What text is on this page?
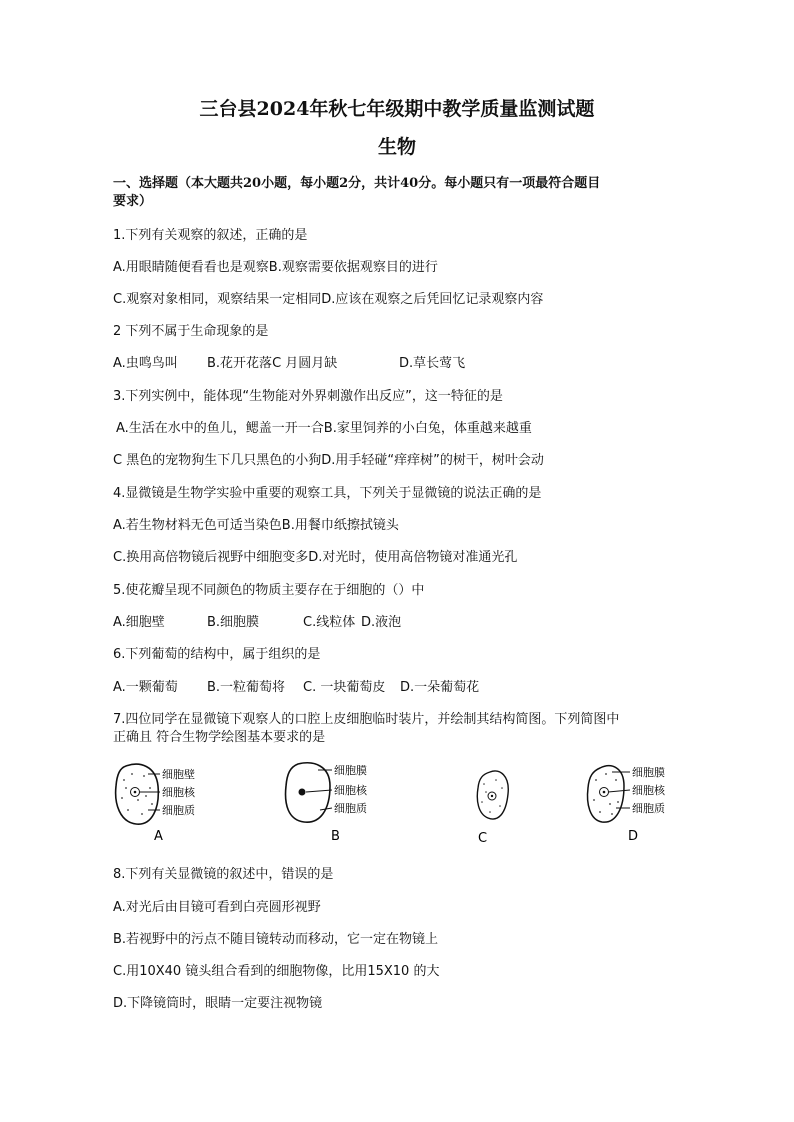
三台县2024年秋七年级期中教学质量监测试题
生物
一、选择题（本大题共20小题，每小题2分，共计40分。每小题只有一项最符合题目
要求）
1.下列有关观察的叙述，正确的是
A.用眼睛随便看看也是观察B.观察需要依据观察目的进行
C.观察对象相同，观察结果一定相同D.应该在观察之后凭回忆记录观察内容
2 下列不属于生命现象的是
A.虫鸣鸟叫 B.花开花落C 月圆月缺	D.草长莺飞
3.下列实例中，能体现“生物能对外界刺激作出反应”，这一特征的是
A.生活在水中的鱼儿，鳃盖一开一合B.家里饲养的小白兔，体重越来越重
C 黑色的宠物狗生下几只黑色的小狗D.用手轻碰“痒痒树”的树干，树叶会动
4.显微镜是生物学实验中重要的观察工具，下列关于显微镜的说法正确的是
A.若生物材料无色可适当染色B.用餐巾纸擦拭镜头
C.换用高倍物镜后视野中细胞变多D.对光时，使用高倍物镜对准通光孔
5.使花瓣呈现不同颜色的物质主要存在于细胞的（）中
A.细胞壁	B.细胞膜	C.线粒体 D.液泡
6.下列葡萄的结构中，属于组织的是
A.一颗葡萄 B.一粒葡萄将 C. 一块葡萄皮 D.一朵葡萄花
7.四位同学在显微镜下观察人的口腔上皮细胞临时装片，并绘制其结构简图。下列简图中
正确且 符合生物学绘图基本要求的是
细胞壁
细胞核
细胞质
A
细胞膜
细胞核
细胞质
B	C
细胞膜
细胞核
细胞质
D
8.下列有关显微镜的叙述中，错误的是
A.对光后由目镜可看到白亮圆形视野
B.若视野中的污点不随目镜转动而移动，它一定在物镜上
C.用10X40 镜头组合看到的细胞物像，比用15X10 的大
D.下降镜筒时，眼睛一定要注视物镜
